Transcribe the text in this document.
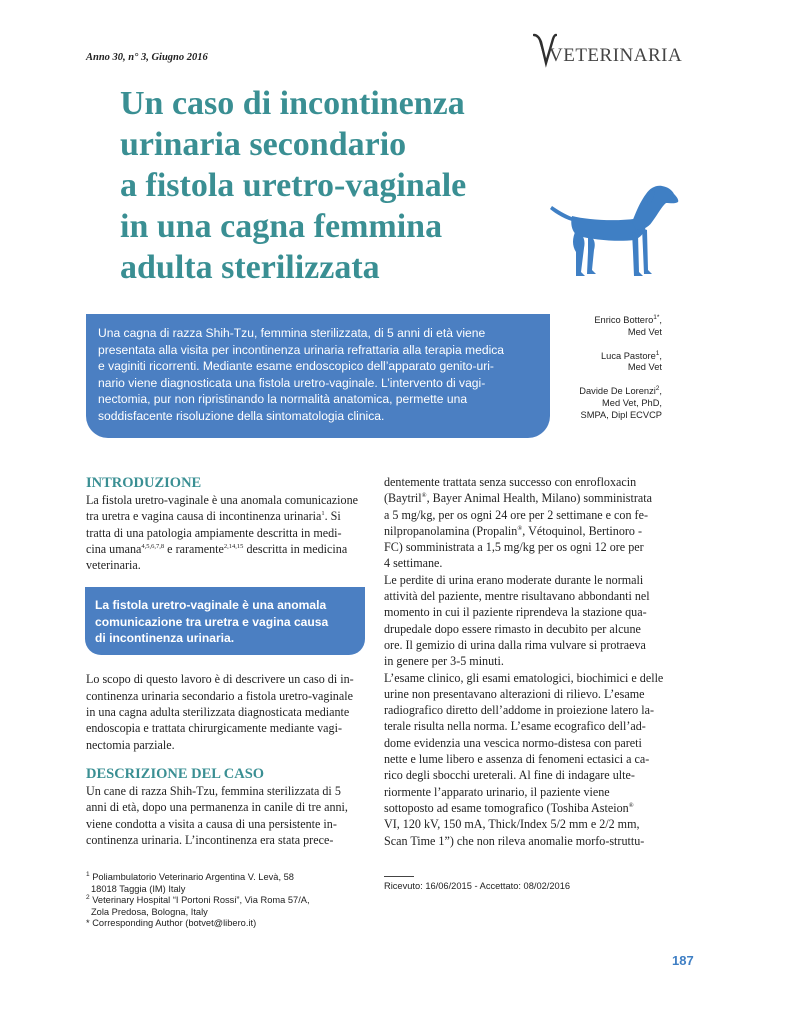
Anno 30, n° 3, Giugno 2016	VETERINARIA
Un caso di incontinenza
urinaria secondario
a fistola uretro-vaginale
in una cagna femmina
adulta sterilizzata
Una cagna di razza Shih-Tzu, femmina sterilizzata, di 5 anni di età viene
presentata alla visita per incontinenza urinaria refrattaria alla terapia medica
e vaginiti ricorrenti. Mediante esame endoscopico dell’apparato genito-uri-
nario viene diagnosticata una fistola uretro-vaginale. L’intervento di vagi-
nectomia, pur non ripristinando la normalità anatomica, permette una
soddisfacente risoluzione della sintomatologia clinica.
Enrico Bottero$^{1*}$,
Med Vet
Luca Pastore$^1$,
Med Vet
Davide De Lorenzi$^2$,
Med Vet, PhD,
SMPA, Dipl ECVCP
INTRODUZIONE
La fistola uretro-vaginale è una anomala comunicazione
tra uretra e vagina causa di incontinenza urinaria$^1$. Si
tratta di una patologia ampiamente descritta in medi-
cina umana$^{4,5,6,7,8}$ e raramente$^{2,14,15}$ descritta in medicina
veterinaria.
Lo scopo di questo lavoro è di descrivere un caso di in-
continenza urinaria secondario a fistola uretro-vaginale
in una cagna adulta sterilizzata diagnosticata mediante
endoscopia e trattata chirurgicamente mediante vagi-
nectomia parziale.
DESCRIZIONE DEL CASO
Un cane di razza Shih-Tzu, femmina sterilizzata di 5
anni di età, dopo una permanenza in canile di tre anni,
viene condotta a visita a causa di una persistente in-
continenza urinaria. L’incontinenza era stata prece-
La fistola uretro-vaginale è una anomala
comunicazione tra uretra e vagina causa
di incontinenza urinaria.
dentemente trattata senza successo con enrofloxacin
(Baytril®, Bayer Animal Health, Milano) somministrata
a 5 mg/kg, per os ogni 24 ore per 2 settimane e con fe-
nilpropanolamina (Propalin®, Vétoquinol, Bertinoro -
FC) somministrata a 1,5 mg/kg per os ogni 12 ore per
4 settimane.
Le perdite di urina erano moderate durante le normali
attività del paziente, mentre risultavano abbondanti nel
momento in cui il paziente riprendeva la stazione qua-
drupedale dopo essere rimasto in decubito per alcune
ore. Il gemizio di urina dalla rima vulvare si protraeva
in genere per 3-5 minuti.
L’esame clinico, gli esami ematologici, biochimici e delle
urine non presentavano alterazioni di rilievo. L’esame
radiografico diretto dell’addome in proiezione latero la-
terale risulta nella norma. L’esame ecografico dell’ad-
dome evidenzia una vescica normo-distesa con pareti
nette e lume libero e assenza di fenomeni ectasici a ca-
rico degli sbocchi ureterali. Al fine di indagare ulte-
riormente l’apparato urinario, il paziente viene
sottoposto ad esame tomografico (Toshiba Asteion®
VI, 120 kV, 150 mA, Thick/Index 5/2 mm e 2/2 mm,
Scan Time 1”) che non rileva anomalie morfo-struttu-
$^1$ Poliambulatorio Veterinario Argentina V. Levà, 58
18018 Taggia (IM) Italy
$^2$ Veterinary Hospital “I Portoni Rossi”, Via Roma 57/A,
Zola Predosa, Bologna, Italy
* Corresponding Author (botvet@libero.it)
Ricevuto: 16/06/2015 - Accettato: 08/02/2016
187
